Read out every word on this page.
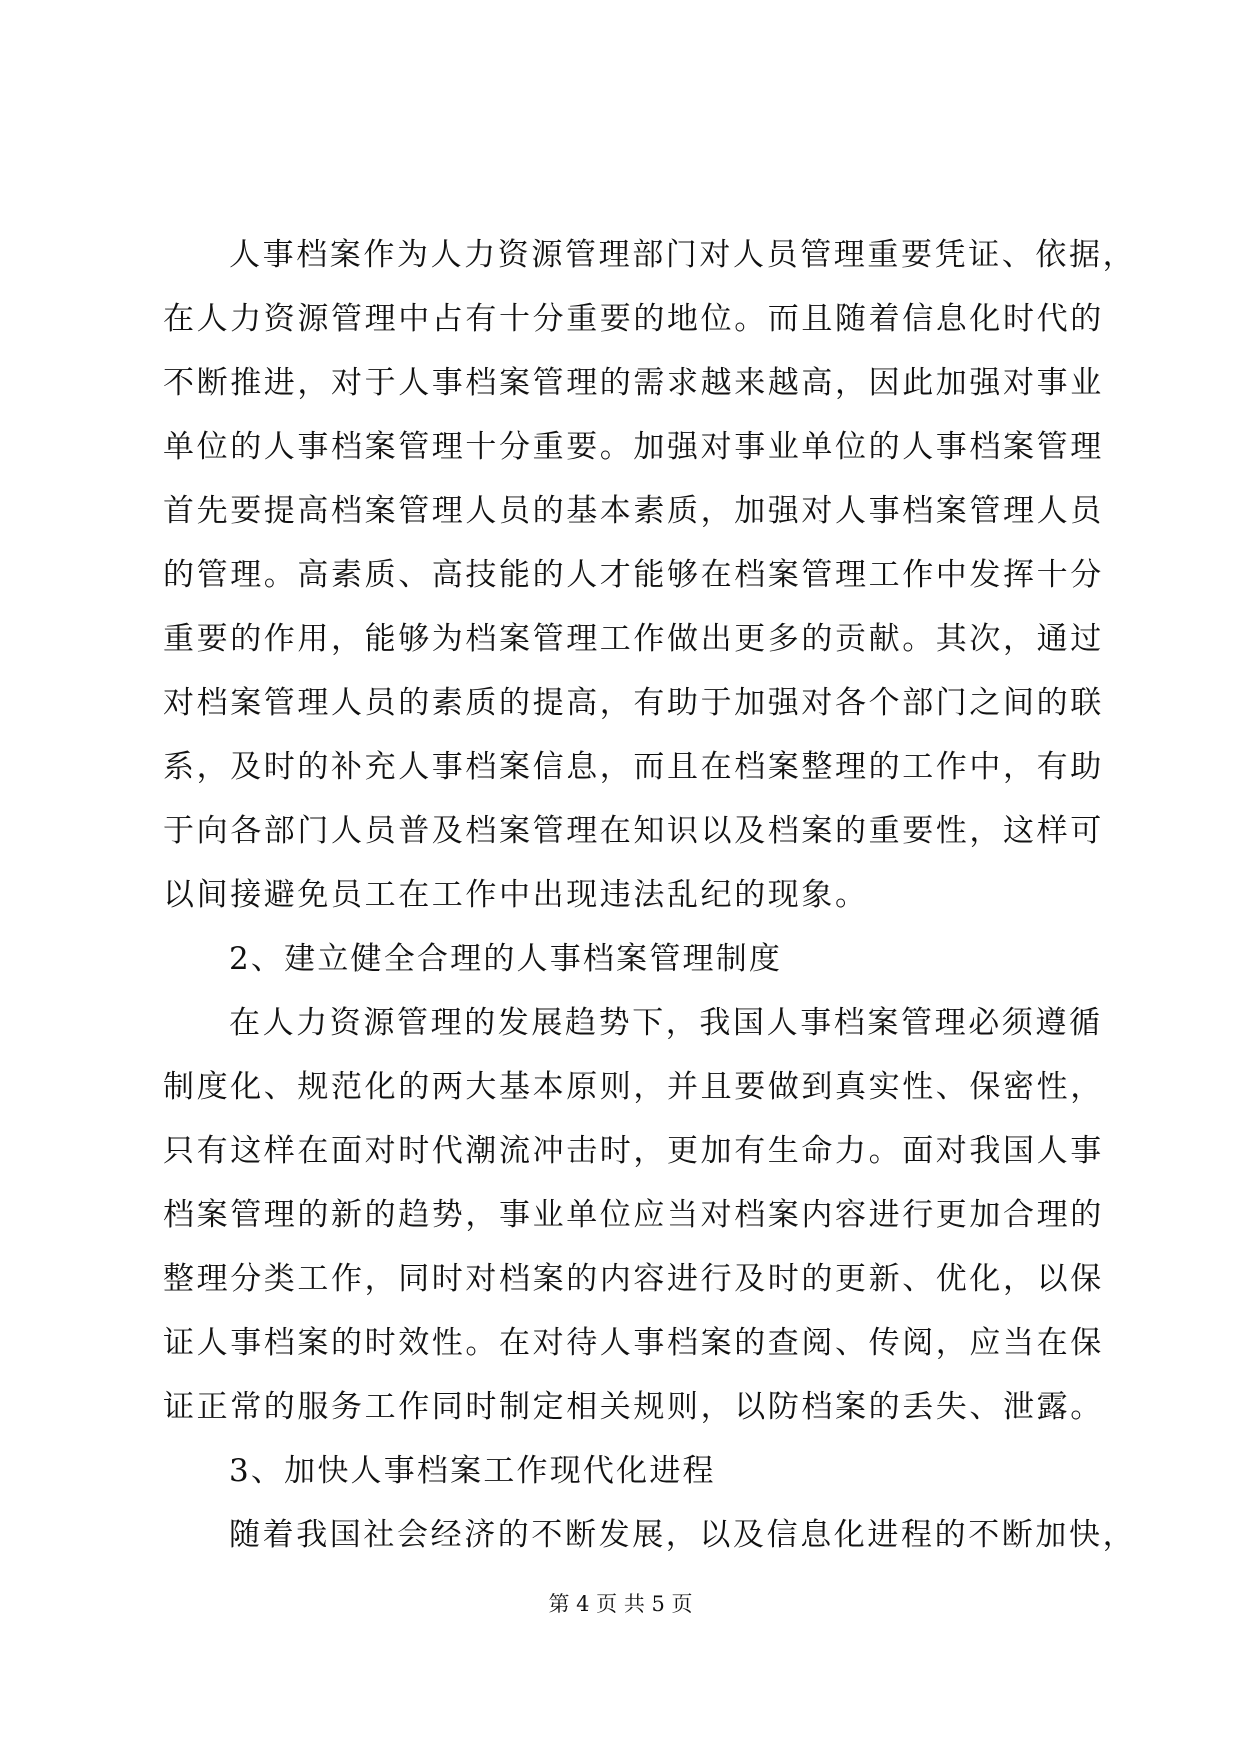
人事档案作为人力资源管理部门对人员管理重要凭证、依据，
在人力资源管理中占有十分重要的地位。而且随着信息化时代的
不断推进，对于人事档案管理的需求越来越高，因此加强对事业
单位的人事档案管理十分重要。加强对事业单位的人事档案管理
首先要提高档案管理人员的基本素质，加强对人事档案管理人员
的管理。高素质、高技能的人才能够在档案管理工作中发挥十分
重要的作用，能够为档案管理工作做出更多的贡献。其次，通过
对档案管理人员的素质的提高，有助于加强对各个部门之间的联
系，及时的补充人事档案信息，而且在档案整理的工作中，有助
于向各部门人员普及档案管理在知识以及档案的重要性，这样可
以间接避免员工在工作中出现违法乱纪的现象。
2、建立健全合理的人事档案管理制度
在人力资源管理的发展趋势下，我国人事档案管理必须遵循
制度化、规范化的两大基本原则，并且要做到真实性、保密性，
只有这样在面对时代潮流冲击时，更加有生命力。面对我国人事
档案管理的新的趋势，事业单位应当对档案内容进行更加合理的
整理分类工作，同时对档案的内容进行及时的更新、优化，以保
证人事档案的时效性。在对待人事档案的查阅、传阅，应当在保
证正常的服务工作同时制定相关规则，以防档案的丢失、泄露。
3、加快人事档案工作现代化进程
随着我国社会经济的不断发展，以及信息化进程的不断加快，
第 4 页 共 5 页
